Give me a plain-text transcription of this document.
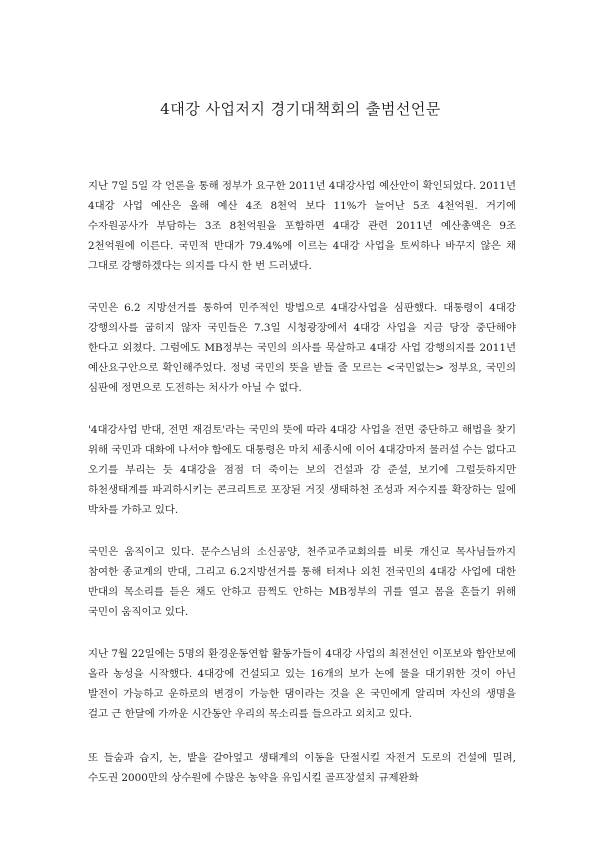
4대강 사업저지 경기대책회의 출범선언문

지난 7일 5일 각 언론을 통해 정부가 요구한 2011년 4대강사업 예산안이 확인되었다. 2011년 4대강 사업 예산은 올해 예산 4조 8천억 보다 11%가 늘어난 5조 4천억원. 거기에 수자원공사가 부담하는 3조 8천억원을 포함하면 4대강 관련 2011년 예산총액은 9조 2천억원에 이른다. 국민적 반대가 79.4%에 이르는 4대강 사업을 토씨하나 바꾸지 않은 채 그대로 강행하겠다는 의지를 다시 한 번 드러냈다.

국민은 6.2 지방선거를 통하여 민주적인 방법으로 4대강사업을 심판했다. 대통령이 4대강 강행의사를 굽히지 않자 국민들은 7.3일 시청광장에서 4대강 사업을 지금 당장 중단해야 한다고 외쳤다. 그럼에도 MB정부는 국민의 의사를 묵살하고 4대강 사업 강행의지를 2011년 예산요구안으로 확인해주었다. 정녕 국민의 뜻을 받들 줄 모르는 <국민없는> 정부요, 국민의 심판에 정면으로 도전하는 처사가 아닐 수 없다.

'4대강사업 반대, 전면 재검토'라는 국민의 뜻에 따라 4대강 사업을 전면 중단하고 해법을 찾기 위해 국민과 대화에 나서야 함에도 대통령은 마치 세종시에 이어 4대강마저 물러설 수는 없다고 오기를 부리는 듯 4대강을 점점 더 죽이는 보의 건설과 강 준설, 보기에 그럴듯하지만 하천생태계를 파괴하시키는 콘크리트로 포장된 거짓 생태하천 조성과 저수지를 확장하는 일에 박차를 가하고 있다.

국민은 움직이고 있다. 문수스님의 소신공양, 천주교주교회의를 비롯 개신교 목사님들까지 참여한 종교계의 반대, 그리고 6.2지방선거를 통해 터져나 외친 전국민의 4대강 사업에 대한 반대의 목소리를 듣은 채도 안하고 끔쩍도 안하는 MB정부의 귀를 열고 몸을 흔들기 위해 국민이 움직이고 있다.

지난 7월 22일에는 5명의 환경운동연합 활동가들이 4대강 사업의 최전선인 이포보와 함안보에 올라 농성을 시작했다. 4대강에 건설되고 있는 16개의 보가 논에 물을 대기위한 것이 아닌 발전이 가능하고 운하로의 변경이 가능한 댐이라는 것을 온 국민에게 알리며 자신의 생명을 걸고 근 한달에 가까운 시간동안 우리의 목소리를 들으라고 외치고 있다.

또 들숨과 습지, 논, 밭을 갈아엎고 생태계의 이동을 단절시킬 자전거 도로의 건설에 밀려, 수도권 2000만의 상수원에 수많은 농약을 유입시킬 골프장설치 규제완화
